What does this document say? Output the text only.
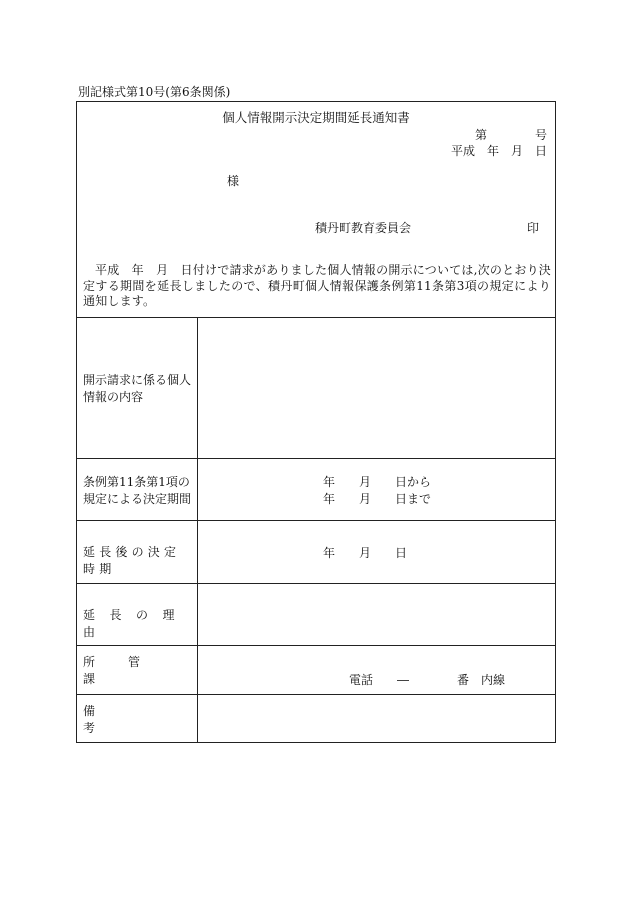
別記様式第10号(第6条関係)
個人情報開示決定期間延長通知書
第　　　　号
平成　年　月　日
様
積丹町教育委員会	印
平成　年　月　日付けで請求がありました個人情報の開示については,次のとおり決定する期間を延長しましたので、積丹町個人情報保護条例第11条第3項の規定により通知します。
開示請求に係る個人情報の内容
条例第11条第1項の規定による決定期間
年　　月　　日から
年　　月　　日まで
延長後の決定時期
年　　月　　日
延長の理由
所管課	電話　　―　　　　番　内線
備考
